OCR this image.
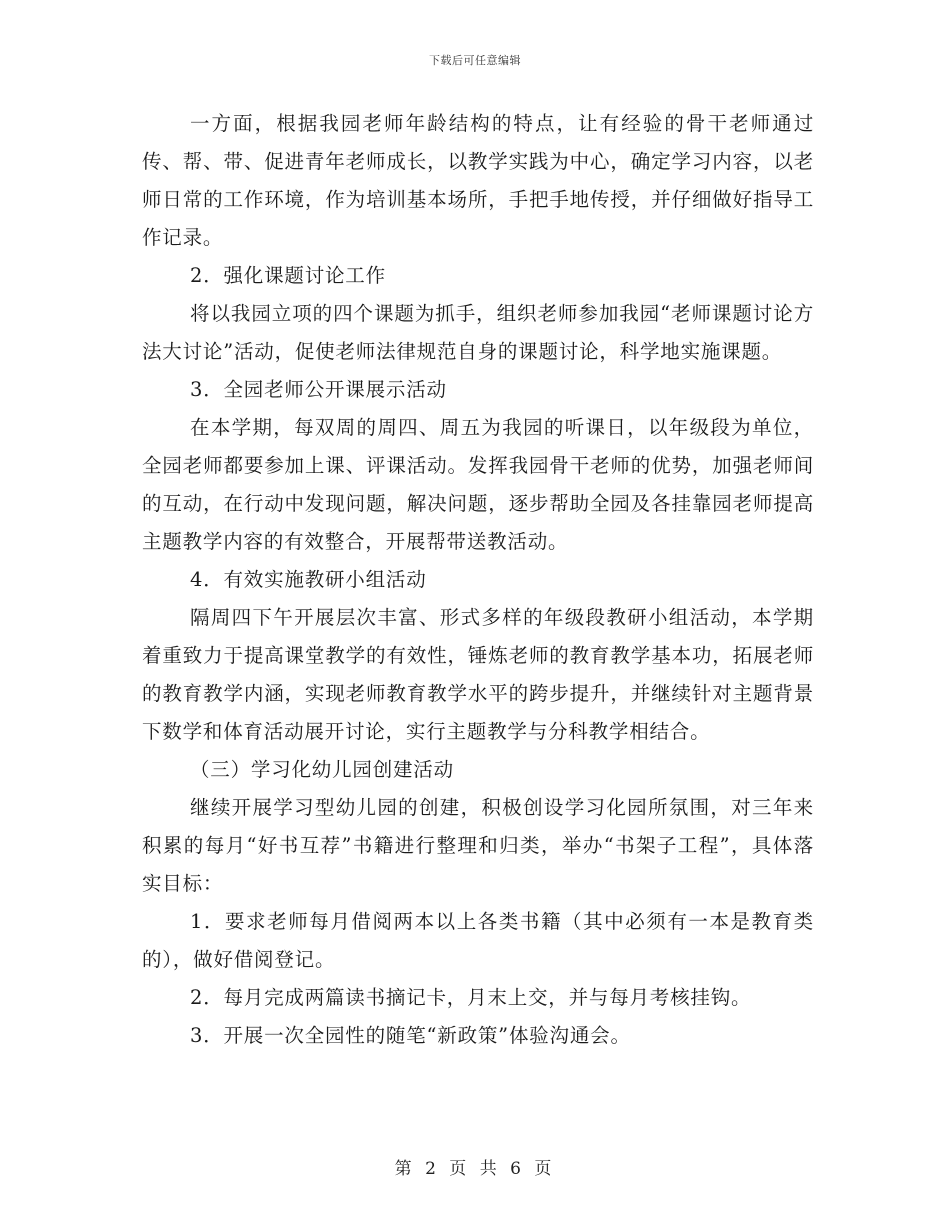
下载后可任意编辑

一方面，根据我园老师年龄结构的特点，让有经验的骨干老师通过传、帮、带、促进青年老师成长，以教学实践为中心，确定学习内容，以老师日常的工作环境，作为培训基本场所，手把手地传授，并仔细做好指导工作记录。

2．强化课题讨论工作

将以我园立项的四个课题为抓手，组织老师参加我园“老师课题讨论方法大讨论”活动，促使老师法律规范自身的课题讨论，科学地实施课题。

3．全园老师公开课展示活动

在本学期，每双周的周四、周五为我园的听课日，以年级段为单位，全园老师都要参加上课、评课活动。发挥我园骨干老师的优势，加强老师间的互动，在行动中发现问题，解决问题，逐步帮助全园及各挂靠园老师提高主题教学内容的有效整合，开展帮带送教活动。

4．有效实施教研小组活动

隔周四下午开展层次丰富、形式多样的年级段教研小组活动，本学期着重致力于提高课堂教学的有效性，锤炼老师的教育教学基本功，拓展老师的教育教学内涵，实现老师教育教学水平的跨步提升，并继续针对主题背景下数学和体育活动展开讨论，实行主题教学与分科教学相结合。

（三）学习化幼儿园创建活动

继续开展学习型幼儿园的创建，积极创设学习化园所氛围，对三年来积累的每月“好书互荐”书籍进行整理和归类，举办“书架子工程”，具体落实目标：

1．要求老师每月借阅两本以上各类书籍（其中必须有一本是教育类的），做好借阅登记。

2．每月完成两篇读书摘记卡，月末上交，并与每月考核挂钩。

3．开展一次全园性的随笔“新政策”体验沟通会。

第 2 页 共 6 页
